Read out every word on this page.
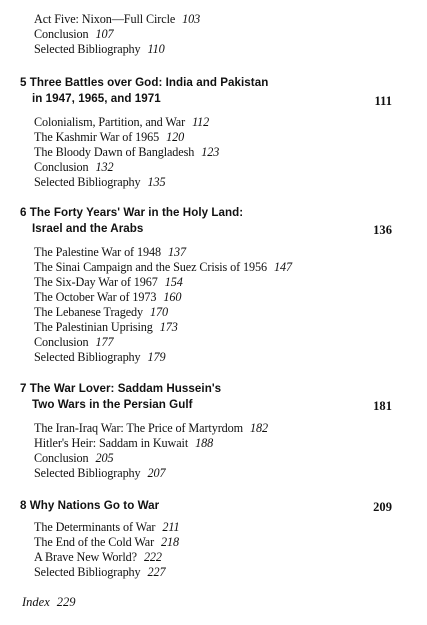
Act Five: Nixon—Full Circle 103
Conclusion 107
Selected Bibliography 110
5 Three Battles over God: India and Pakistan
in 1947, 1965, and 1971	111
Colonialism, Partition, and War 112
The Kashmir War of 1965 120
The Bloody Dawn of Bangladesh 123
Conclusion 132
Selected Bibliography 135
6 The Forty Years' War in the Holy Land:
Israel and the Arabs	136
The Palestine War of 1948 137
The Sinai Campaign and the Suez Crisis of 1956 147
The Six-Day War of 1967 154
The October War of 1973 160
The Lebanese Tragedy 170
The Palestinian Uprising 173
Conclusion 177
Selected Bibliography 179
7 The War Lover: Saddam Hussein's
Two Wars in the Persian Gulf	181
The Iran-Iraq War: The Price of Martyrdom 182
Hitler's Heir: Saddam in Kuwait 188
Conclusion 205
Selected Bibliography 207
8 Why Nations Go to War	209
The Determinants of War 211
The End of the Cold War 218
A Brave New World? 222
Selected Bibliography 227
Index 229
